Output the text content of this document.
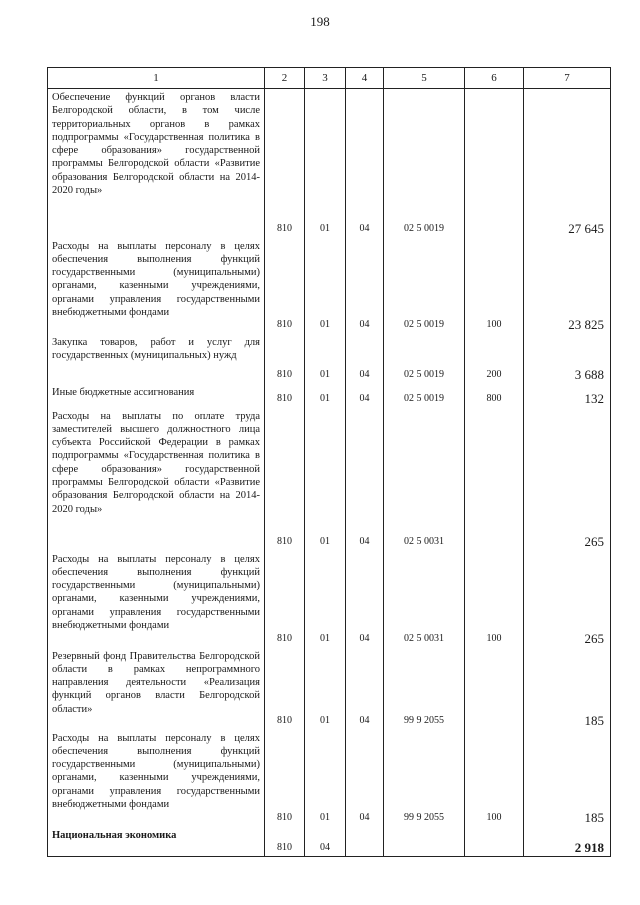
198
1	2	3	4	5	6	7

Обеспечение функций органов власти Белгородской области, в том числе территориальных органов в рамках подпрограммы «Государственная политика в сфере образования» государственной программы Белгородской области «Развитие образования Белгородской области на 2014-2020 годы»	810	01	04	02 5 0019		27 645

Расходы на выплаты персоналу в целях обеспечения выполнения функций государственными (муниципальными) органами, казенными учреждениями, органами управления государственными внебюджетными фондами	810	01	04	02 5 0019	100	23 825

Закупка товаров, работ и услуг для государственных (муниципальных) нужд	810	01	04	02 5 0019	200	3 688

Иные бюджетные ассигнования	810	01	04	02 5 0019	800	132

Расходы на выплаты по оплате труда заместителей высшего должностного лица субъекта Российской Федерации в рамках подпрограммы «Государственная политика в сфере образования» государственной программы Белгородской области «Развитие образования Белгородской области на 2014-2020 годы»	810	01	04	02 5 0031		265

Расходы на выплаты персоналу в целях обеспечения выполнения функций государственными (муниципальными) органами, казенными учреждениями, органами управления государственными внебюджетными фондами	810	01	04	02 5 0031	100	265

Резервный фонд Правительства Белгородской области в рамках непрограммного направления деятельности «Реализация функций органов власти Белгородской области»	810	01	04	99 9 2055		185

Расходы на выплаты персоналу в целях обеспечения выполнения функций государственными (муниципальными) органами, казенными учреждениями, органами управления государственными внебюджетными фондами	810	01	04	99 9 2055	100	185

Национальная экономика	810	04				2 918
